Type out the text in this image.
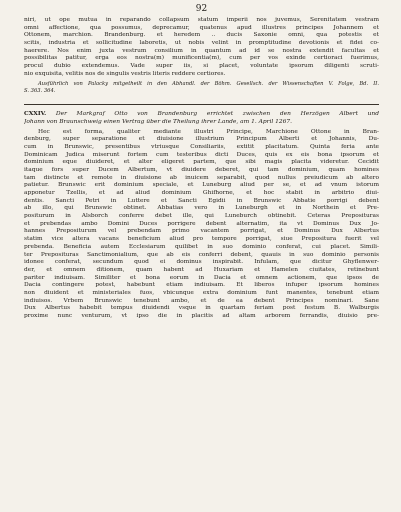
92
niri, ut ope mutua in reparando collapsum statum imperii nos juvemus, Serenitatem vestram
omni affectione, qua possumus, deprecamur, quatenus apud illustres principes Johannem et
Ottonem, marchion. Brandenburg. et heredem .. ducis Saxonie omni, qua potestis et
scitis, industria et sollicitudine laboretis, ut nobis velint in promptitudine devotionis et fidei co-
haerere. Nos enim juxta vestrum consilium in quantum ad id se nostra extendit facultas et
possibilitas patitur, erga eos nostra(m) munificentia(m), cum per vos exinde certioraci fuerimus,
procul dubio extendemus. Vade super iis, si placet, voluntate ipsorum diligenti scruti-
nio exquisita, velitis nos de singulis vestris literis reddere certiores.
Ausführlich von Palacky mitgetheilt in den Abhandl. der Böhm. Gesellsch. der Wissenschaften V. Folge, Bd. II.
S. 363. 364.
CXXIV. Der Markgraf Otto von Brandenburg errichtet zwischen den Herzögen Albert und
Johann von Braunschweig einen Vertrag über die Theilung ihrer Lande, am 1. April 1267.
Hec est forma, qualiter mediante illustri Principe, Marchione Ottone in Bran-
denburg, super separatione et diuisione illustrium Principum Alberti et Johannis, Du-
cum in Brunswic, presentibus vtriusque Consiliariis, extitit placitatum. Quinta feria ante
Dominicam Judica miserunt fortem cum testeribus dicti Duces, quis ex eis bona ipsorum et
dominium eque diuideret, et alter eligeret partem, que sibi magis placita videretur. Cecidit
itaque fors super Ducem Albertum, vt diuidere deberet, qui tam dominium, quam homines
tam distincte et remote in diuisione ab inuicem separabit, quod nullus preiudicum ab altero
patietur. Brunswic erit dominium speciale, et Luneburg aliud per se, et ad vnum istorum
apponetur Tzellis, et ad aliud dominium Ghifhorne, et hoc stabit in arbitrio diui-
dentis. Sancti Petri in Luttere et Sancti Egidii in Brunswic Abbatie porrigi debent
ab illo, qui Brunswic obtinet. Abbatias vero in Luneburgh et in Northein et Pre-
positurum in Alsborch conferre debet ille, qui Luneburch obtinebit. Ceteras Preposituras
et prebendas ambo Domini Duces porrigere debent alternatim, ita vt Dominus Dux Jo-
hannes Prepositurum vel prebendam primo vacantem porrigat, et Dominus Dux Albertus
statim vice altera vacans beneficium aliud pro tempore porrigat, siue Prepositura fuerit vel
prebenda. Beneficia autem Ecclesiarum quilibet in suo dominio conferat, cui placet. Simili-
ter Preposituras Sanctimonialium, que ab eis conferri debent, quauis in suo dominio personis
idonee conferat, secundum quod ei dominus inspirabit. Infulam, que dicitur Ghyflenwer-
der, et omnem ditionem, quam habent ad Huxariam et Hamelen ciuitates, retinebunt
pariter indiuisam. Similiter et bona eorum in Dacia et omnem actionem, que ipsos de
Dacia contingere potest, habebunt etiam indiuisam. Et liberos infuper ipsorum homines
non diuident et ministeriales fuos, vbicunque extra dominium funt manentes, tenebunt etiam
indiuisos. Vrbem Brunswic tenebunt ambo, et de ea debent Principes nominari. Sane
Dux Albertus habebit tempus diuidendi vsque in quartam feriam post festum B. Walburgis
proxime nunc venturum, vt ipso die in placitis ad altam arborem ferrandis, diuisio pre-
